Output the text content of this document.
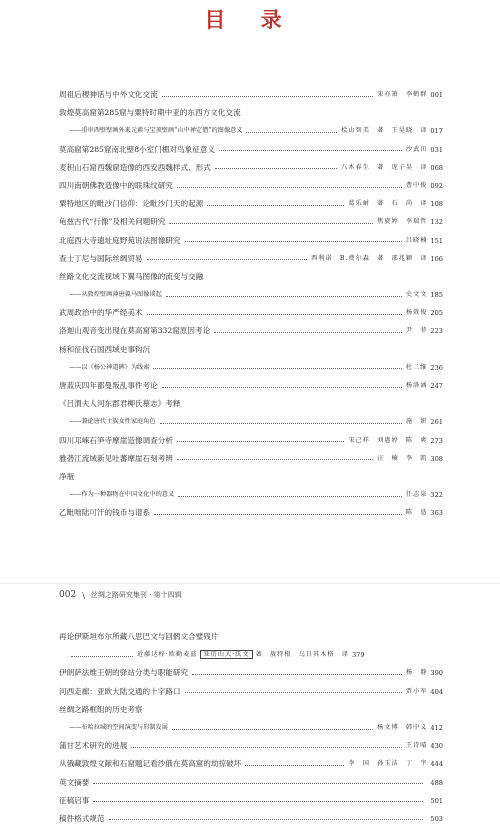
目 录
周祖后稷神话与中外文化交流	宋亦箫　李鹤群 001
敦煌莫高窟第285窟与粟特时期中亚的东西方文化交流
——重审西壁壁画外来元素与宝顶壁画“山中禅定僧”的图像意义	桧山智美　著　王昊晓　译 017
莫高窟第285窟南北壁8小室门楣对鸟象征意义	沙武田 031
麦积山石窟西魏窟造像的西安西魏样式、形式	八木春生　著　庞子昊　译 068
四川南朝佛教造像中的联珠纹研究	曹中俊 092
粟特地区的毗沙门信仰：论毗沙门天的起源	葛乐耐　著　石　尚　译 108
龟兹古代“行像”及相关问题研究	焦旋婷　李瑞哲 132
北庭西大寺遗址庭野苑说法图像研究	吕晓楠 151
查士丁尼与国际丝绸贸易	西利诺　B.费尔森　著　邵兆颖　译 166
丝路文化交流视域下翼马图像的流变与交融
——从敦煌壁画薄唐翼马图像谈起	史文文 185
武周政治中的华严经美术	杨效俊 205
洛迦山观音变出现在莫高窟第332窟原因考论	尹　菲 223
杨和征伐石国西域史事钩沉
——以《杨公神道碑》为线索	杜二维 236
唐蓝庆四年都曼叛乱事件考论	杨洛涵 247
《吕渭夫人河东郡君柳氏墓志》考释
——兼论唐代士族女性家庭角色	施　妍 261
四川邛崃石笋寺摩崖造像调查分析	宋己祥　刘惠婷　陈　爽 273
雅砻江流域新见吐蕃摩崖石刻考辨	汪　楠　李　凯 308
净瓶
——作为一种器物在中国文化中的意义	任志泉 322
乙毗咄陆可汗的钱币与谱系	陈　恳 363
002 \ 丝绸之路研究集刊 · 第十四辑
再论伊斯坦布尔所藏八思巴文与回鹘文合璧残片
近藤达梓·欧勤麦兹 亚历山大·沃文 著　敖特根　乌日其木格　译 379
伊朗萨法维王朝的驿站分类与职能研究	杨　静 390
河西走廊：亚欧大陆交通的十字路口	贾小军 404
丝绸之路框组的历史考察
——布哈拉城的空间演变与形制发展	杨文博　韩中义 412
蒲甘艺术研究的进展	王诗晴 430
从俄藏敦煌文献和石窟题记看沙俄在莫高窟的劫掠破坏	李　国　孙玉洁　丁　宇 444
英文摘要	488
征稿启事	501
稿件格式规范	503
